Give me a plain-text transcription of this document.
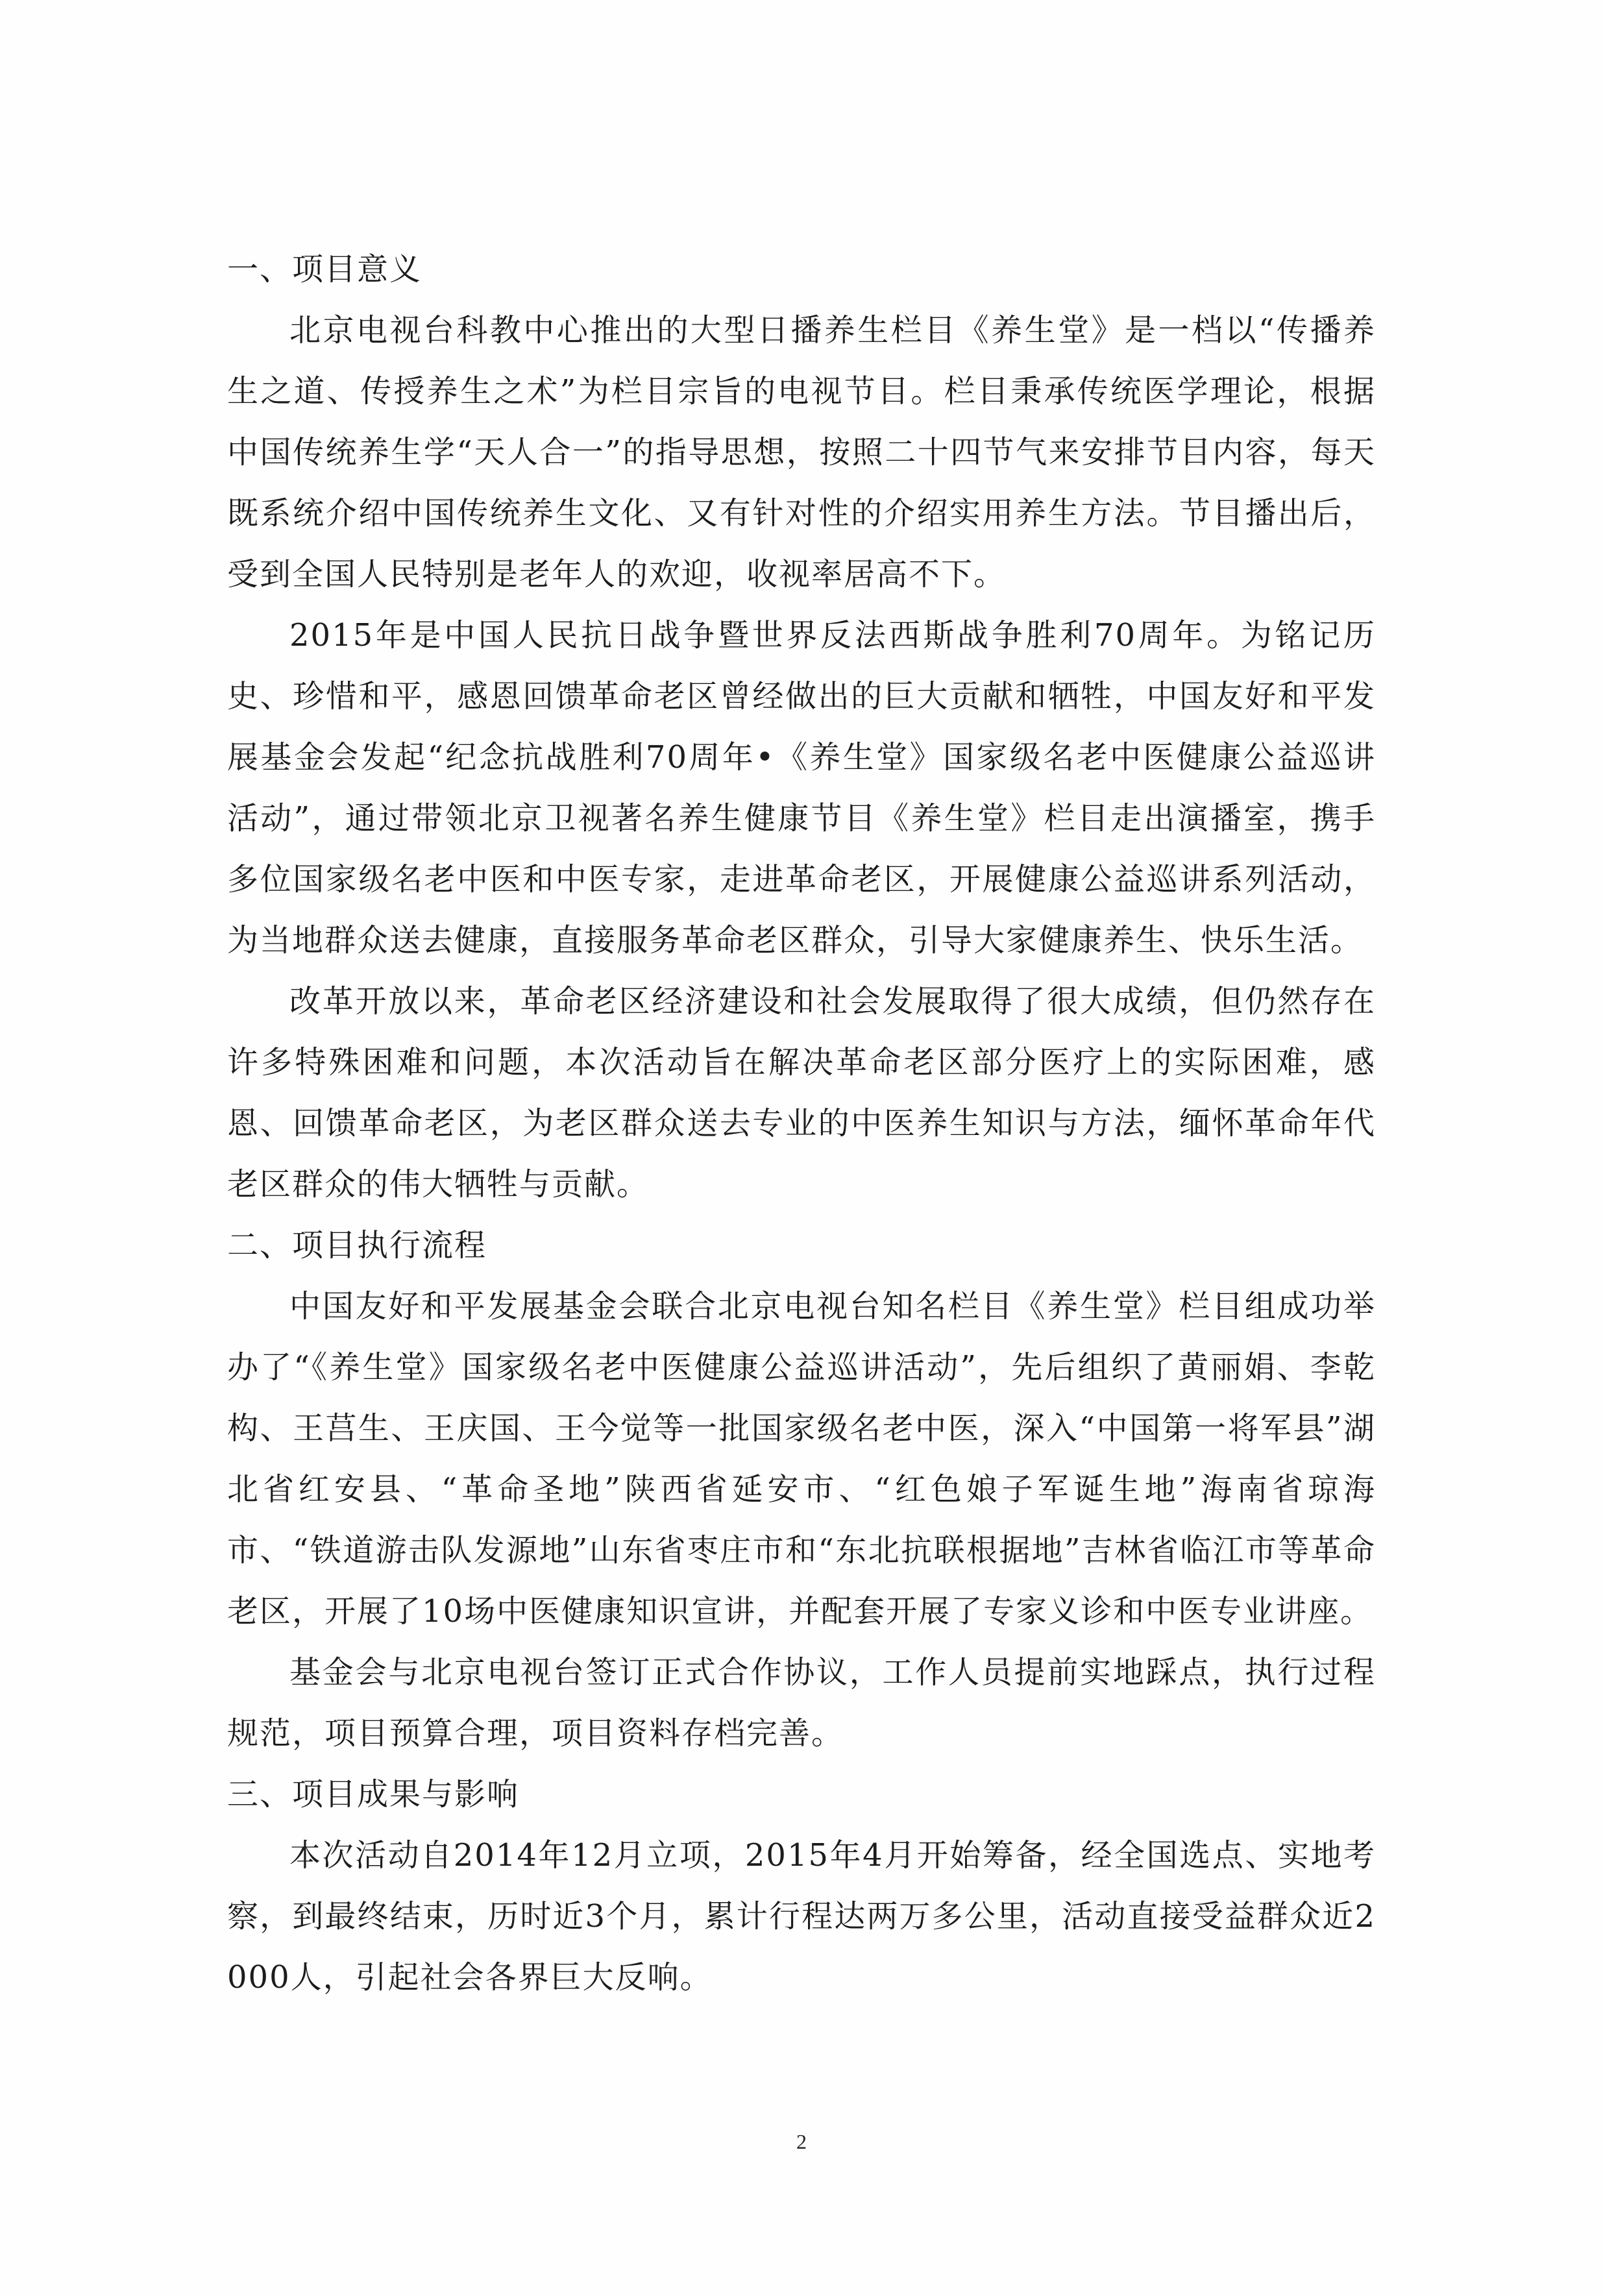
一、项目意义

北京电视台科教中心推出的大型日播养生栏目《养生堂》是一档以“传播养生之道、传授养生之术”为栏目宗旨的电视节目。栏目秉承传统医学理论，根据中国传统养生学“天人合一”的指导思想，按照二十四节气来安排节目内容，每天既系统介绍中国传统养生文化、又有针对性的介绍实用养生方法。节目播出后，受到全国人民特别是老年人的欢迎，收视率居高不下。

2015年是中国人民抗日战争暨世界反法西斯战争胜利70周年。为铭记历史、珍惜和平，感恩回馈革命老区曾经做出的巨大贡献和牺牲，中国友好和平发展基金会发起“纪念抗战胜利70周年•《养生堂》国家级名老中医健康公益巡讲活动”，通过带领北京卫视著名养生健康节目《养生堂》栏目走出演播室，携手多位国家级名老中医和中医专家，走进革命老区，开展健康公益巡讲系列活动，为当地群众送去健康，直接服务革命老区群众，引导大家健康养生、快乐生活。

改革开放以来，革命老区经济建设和社会发展取得了很大成绩，但仍然存在许多特殊困难和问题，本次活动旨在解决革命老区部分医疗上的实际困难，感恩、回馈革命老区，为老区群众送去专业的中医养生知识与方法，缅怀革命年代老区群众的伟大牺牲与贡献。

二、项目执行流程

中国友好和平发展基金会联合北京电视台知名栏目《养生堂》栏目组成功举办了“《养生堂》国家级名老中医健康公益巡讲活动”，先后组织了黄丽娟、李乾构、王莒生、王庆国、王今觉等一批国家级名老中医，深入“中国第一将军县”湖北省红安县、“革命圣地”陕西省延安市、“红色娘子军诞生地”海南省琼海市、“铁道游击队发源地”山东省枣庄市和“东北抗联根据地”吉林省临江市等革命老区，开展了10场中医健康知识宣讲，并配套开展了专家义诊和中医专业讲座。

基金会与北京电视台签订正式合作协议，工作人员提前实地踩点，执行过程规范，项目预算合理，项目资料存档完善。

三、项目成果与影响

本次活动自2014年12月立项，2015年4月开始筹备，经全国选点、实地考察，到最终结束，历时近3个月，累计行程达两万多公里，活动直接受益群众近2000人，引起社会各界巨大反响。

2
